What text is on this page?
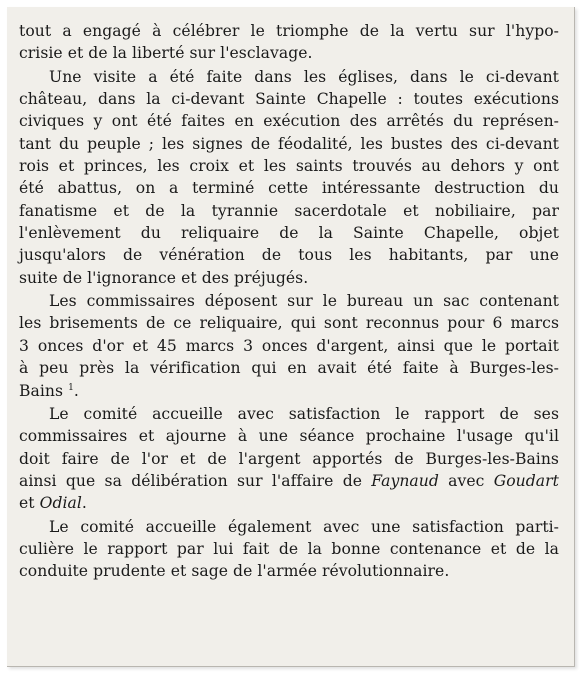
tout a engagé à célébrer le triomphe de la vertu sur l'hypo-
crisie et de la liberté sur l'esclavage.

Une visite a été faite dans les églises, dans le ci-devant
château, dans la ci-devant Sainte Chapelle : toutes exécutions
civiques y ont été faites en exécution des arrêtés du représen-
tant du peuple ; les signes de féodalité, les bustes des ci-devant
rois et princes, les croix et les saints trouvés au dehors y ont
été abattus, on a terminé cette intéressante destruction du
fanatisme et de la tyrannie sacerdotale et nobiliaire, par
l'enlèvement du reliquaire de la Sainte Chapelle, objet
jusqu'alors de vénération de tous les habitants, par une
suite de l'ignorance et des préjugés.

Les commissaires déposent sur le bureau un sac contenant
les brisements de ce reliquaire, qui sont reconnus pour 6 marcs
3 onces d'or et 45 marcs 3 onces d'argent, ainsi que le portait
à peu près la vérification qui en avait été faite à Burges-les-
Bains $^1$.

Le comité accueille avec satisfaction le rapport de ses
commissaires et ajourne à une séance prochaine l'usage qu'il
doit faire de l'or et de l'argent apportés de Burges-les-Bains
ainsi que sa délibération sur l'affaire de Faynaud avec Goudart
et Odial.

Le comité accueille également avec une satisfaction parti-
culière le rapport par lui fait de la bonne contenance et de la
conduite prudente et sage de l'armée révolutionnaire.
